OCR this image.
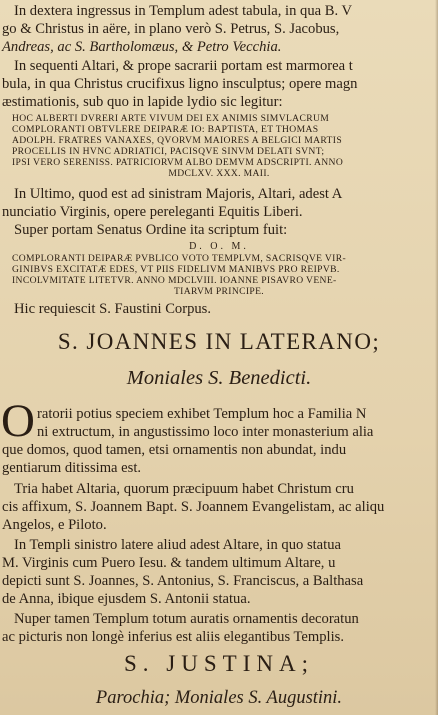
In dextera ingressus in Templum adest tabula, in qua B. V
go & Christus in aëre, in plano verò S. Petrus, S. Jacobus,
Andreas, ac S. Bartholomæus, & Petro Vecchia.
In sequenti Altari, & prope sacrarii portam est marmorea t
bula, in qua Christus crucifixus ligno insculptus; opere magn
æstimationis, sub quo in lapide lydio sic legitur:
HOC ALBERTI DVRERI ARTE VIVUM DEI EX ANIMIS SIMVLACRUM
COMPLORANTI OBTVLERE DEIPARÆ IO: BAPTISTA, ET THOMAS
ADOLPH. FRATRES VANAXES, QVORVM MAIORES A BELGICI MARTIS
PROCELLIS IN HVNC ADRIATICI, PACISQVE SINVM DELATI SVNT;
IPSI VERO SERENISS. PATRICIORVM ALBO DEMVM ADSCRIPTI. ANNO
MDCLXV. XXX. MAII.
In Ultimo, quod est ad sinistram Majoris, Altari, adest A
nunciatio Virginis, opere pereleganti Equitis Liberi.
Super portam Senatus Ordine ita scriptum fuit:
D. O. M.
COMPLORANTI DEIPARÆ PVBLICO VOTO TEMPLVM, SACRISQVE VIR-
GINIBVS EXCITATÆ EDES, VT PIIS FIDELIVM MANIBVS PRO REIPVB.
INCOLVMITATE LITETVR. ANNO MDCLVIII. IOANNE PISAVRO VENE-
TIARVM PRINCIPE.
Hic requiescit S. Faustini Corpus.
S. JOANNES IN LATERANO;
Moniales S. Benedicti.
O ratorii potius speciem exhibet Templum hoc a Familia N
ni extructum, in angustissimo loco inter monasterium alia
que domos, quod tamen, etsi ornamentis non abundat, indu
gentiarum ditissima est.
Tria habet Altaria, quorum præcipuum habet Christum cru
cis affixum, S. Joannem Bapt. S. Joannem Evangelistam, ac aliqu
Angelos, e Piloto.
In Templi sinistro latere aliud adest Altare, in quo statua
M. Virginis cum Puero Iesu. & tandem ultimum Altare, u
depicti sunt S. Joannes, S. Antonius, S. Franciscus, a Balthasa
de Anna, ibique ejusdem S. Antonii statua.
Nuper tamen Templum totum auratis ornamentis decoratun
ac picturis non longè inferius est aliis elegantibus Templis.
S. JUSTINA;
Parochia; Moniales S. Augustini.
